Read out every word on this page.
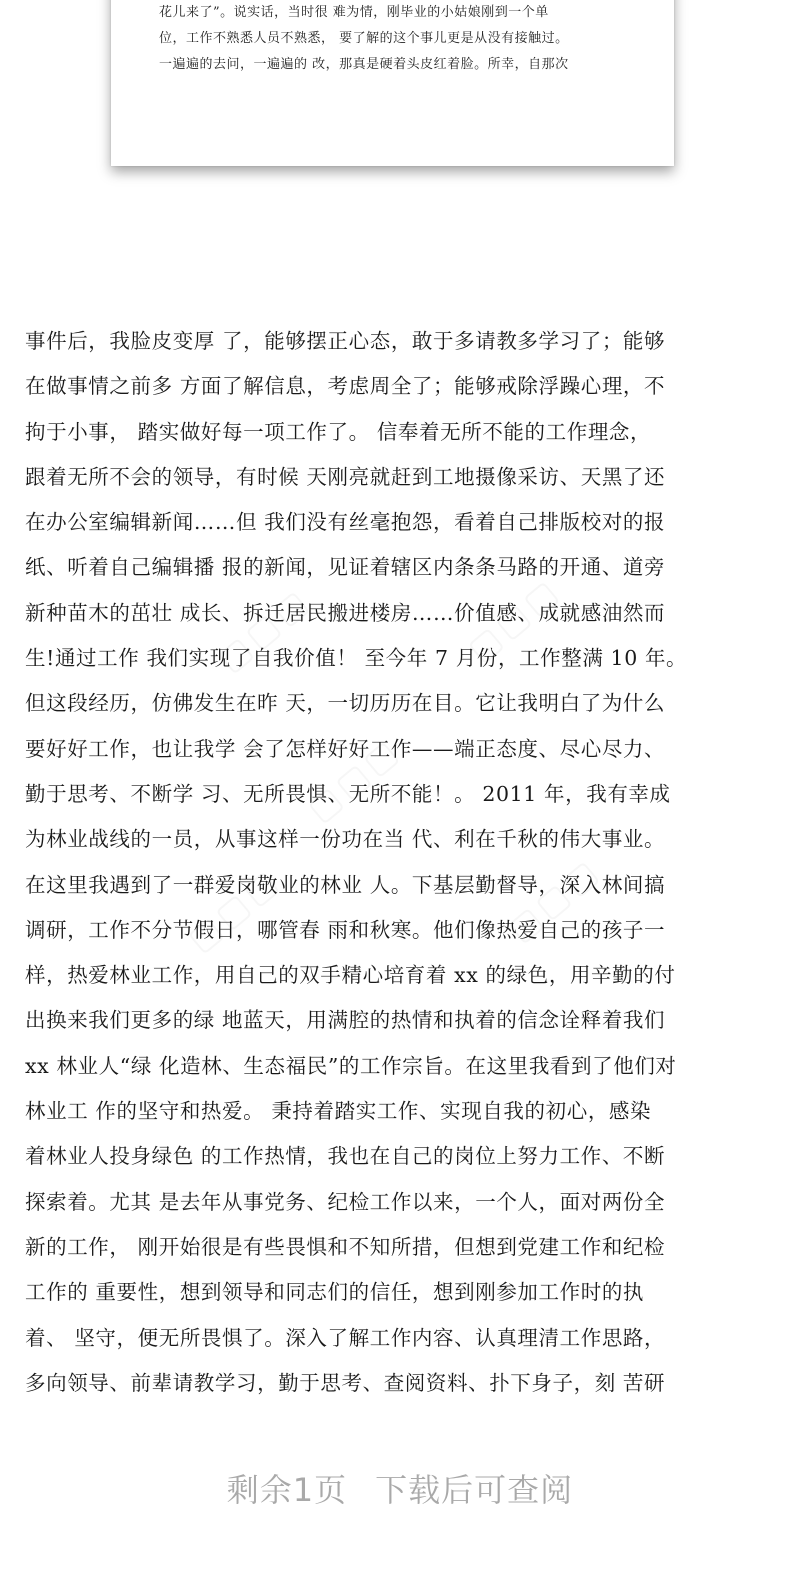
花儿来了”。说实话，当时很 难为情，刚毕业的小姑娘刚到一个单
位，工作不熟悉人员不熟悉， 要了解的这个事儿更是从没有接触过。
一遍遍的去问，一遍遍的 改，那真是硬着头皮红着脸。所幸，自那次
▢▢▢	▢▢▢
▢▢▢
▢▢▢	▢▢▢
事件后，我脸皮变厚 了，能够摆正心态，敢于多请教多学习了；能够
在做事情之前多 方面了解信息，考虑周全了；能够戒除浮躁心理，不
拘于小事， 踏实做好每一项工作了。 信奉着无所不能的工作理念，
跟着无所不会的领导，有时候 天刚亮就赶到工地摄像采访、天黑了还
在办公室编辑新闻……但 我们没有丝毫抱怨，看着自己排版校对的报
纸、听着自己编辑播 报的新闻，见证着辖区内条条马路的开通、道旁
新种苗木的茁壮 成长、拆迁居民搬进楼房……价值感、成就感油然而
生!通过工作 我们实现了自我价值！ 至今年 7 月份，工作整满 10 年。
但这段经历，仿佛发生在昨 天，一切历历在目。它让我明白了为什么
要好好工作，也让我学 会了怎样好好工作——端正态度、尽心尽力、
勤于思考、不断学 习、无所畏惧、无所不能！。 2011 年，我有幸成
为林业战线的一员，从事这样一份功在当 代、利在千秋的伟大事业。
在这里我遇到了一群爱岗敬业的林业 人。下基层勤督导，深入林间搞
调研，工作不分节假日，哪管春 雨和秋寒。他们像热爱自己的孩子一
样，热爱林业工作，用自己的双手精心培育着 xx 的绿色，用辛勤的付
出换来我们更多的绿 地蓝天，用满腔的热情和执着的信念诠释着我们
xx 林业人“绿 化造林、生态福民”的工作宗旨。在这里我看到了他们对
林业工 作的坚守和热爱。 秉持着踏实工作、实现自我的初心，感染
着林业人投身绿色 的工作热情，我也在自己的岗位上努力工作、不断
探索着。尤其 是去年从事党务、纪检工作以来，一个人，面对两份全
新的工作， 刚开始很是有些畏惧和不知所措，但想到党建工作和纪检
工作的 重要性，想到领导和同志们的信任，想到刚参加工作时的执
着、 坚守，便无所畏惧了。深入了解工作内容、认真理清工作思路，
多向领导、前辈请教学习，勤于思考、查阅资料、扑下身子，刻 苦研
剩余1页 下载后可查阅
